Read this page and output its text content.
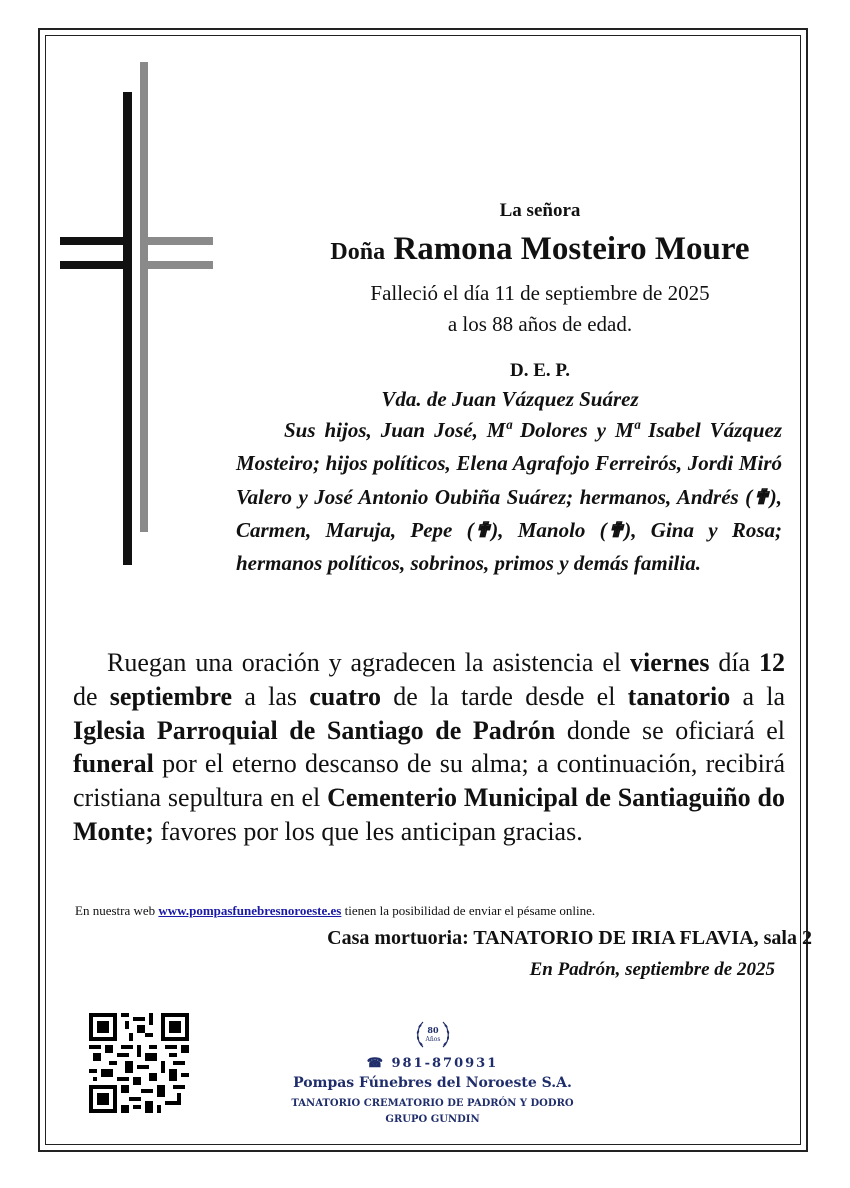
La señora
Doña Ramona Mosteiro Moure
Falleció el día 11 de septiembre de 2025
a los 88 años de edad.
D. E. P.
Vda. de Juan Vázquez Suárez
Sus hijos, Juan José, Mª Dolores y Mª Isabel Vázquez Mosteiro; hijos políticos, Elena Agrafojo Ferreirós, Jordi Miró Valero y José Antonio Oubiña Suárez; hermanos, Andrés (✟), Carmen, Maruja, Pepe (✟), Manolo (✟), Gina y Rosa; hermanos políticos, sobrinos, primos y demás familia.
Ruegan una oración y agradecen la asistencia el viernes día 12 de septiembre a las cuatro de la tarde desde el tanatorio a la Iglesia Parroquial de Santiago de Padrón donde se oficiará el funeral por el eterno descanso de su alma; a continuación, recibirá cristiana sepultura en el Cementerio Municipal de Santiaguiño do Monte; favores por los que les anticipan gracias.
En nuestra web www.pompasfunebresnoroeste.es tienen la posibilidad de enviar el pésame online.
Casa mortuoria: TANATORIO DE IRIA FLAVIA, sala 2
En Padrón, septiembre de 2025
80
Años
☎ 981-870931
Pompas Fúnebres del Noroeste S.A.
TANATORIO CREMATORIO DE PADRÓN Y DODRO
GRUPO GUNDIN
